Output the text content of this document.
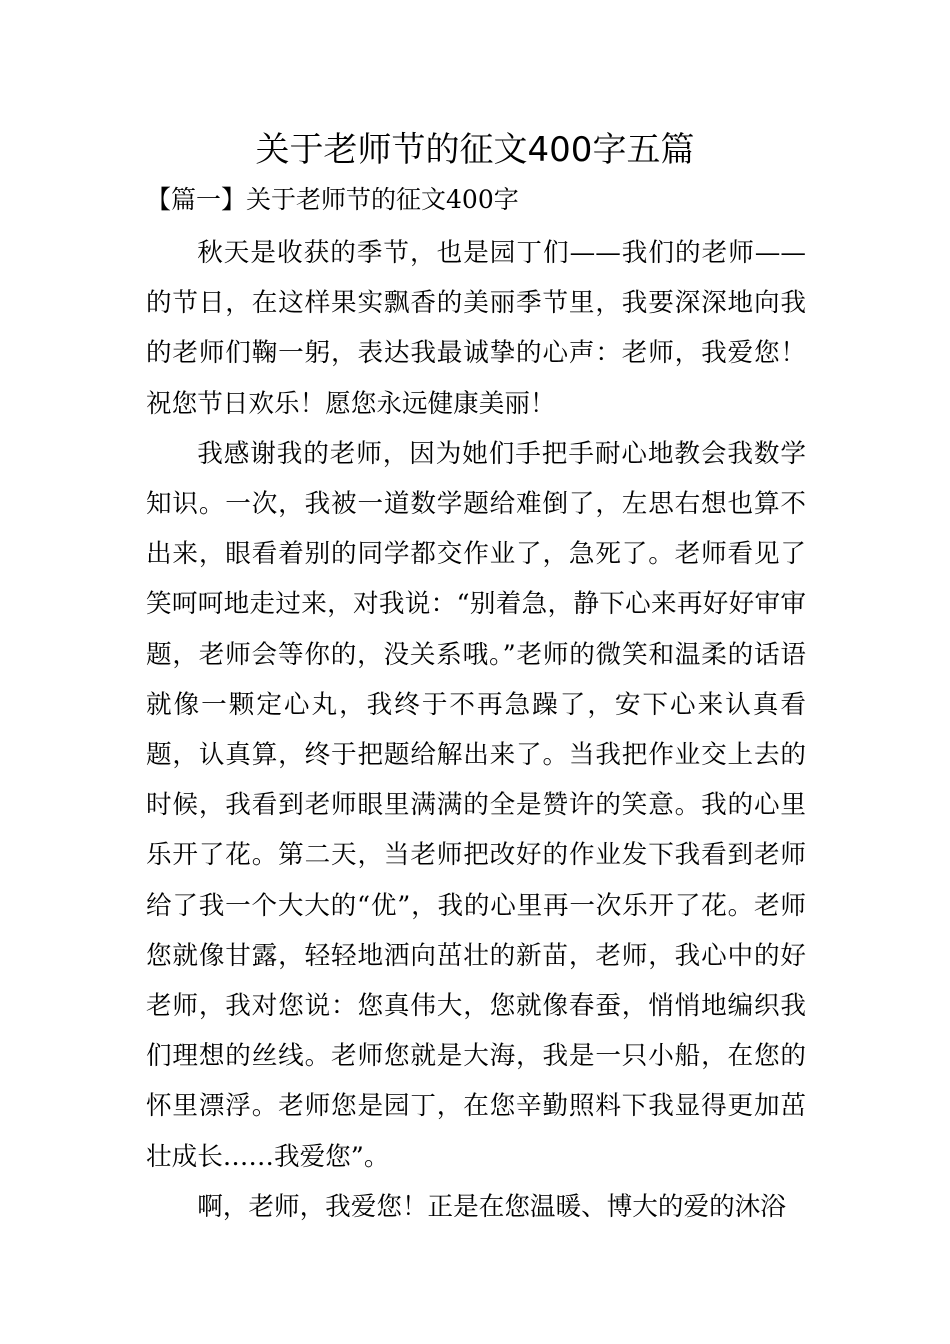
关于老师节的征文400字五篇
【篇一】关于老师节的征文400字

秋天是收获的季节，也是园丁们——我们的老师——的节日，在这样果实飘香的美丽季节里，我要深深地向我的老师们鞠一躬，表达我最诚挚的心声：老师，我爱您！祝您节日欢乐！愿您永远健康美丽！

我感谢我的老师，因为她们手把手耐心地教会我数学知识。一次，我被一道数学题给难倒了，左思右想也算不出来，眼看着别的同学都交作业了，急死了。老师看见了笑呵呵地走过来，对我说：“别着急，静下心来再好好审审题，老师会等你的，没关系哦。”老师的微笑和温柔的话语就像一颗定心丸，我终于不再急躁了，安下心来认真看题，认真算，终于把题给解出来了。当我把作业交上去的时候，我看到老师眼里满满的全是赞许的笑意。我的心里乐开了花。第二天，当老师把改好的作业发下我看到老师给了我一个大大的“优”，我的心里再一次乐开了花。老师您就像甘露，轻轻地洒向茁壮的新苗，老师，我心中的好老师，我对您说：您真伟大，您就像春蚕，悄悄地编织我们理想的丝线。老师您就是大海，我是一只小船，在您的怀里漂浮。老师您是园丁，在您辛勤照料下我显得更加茁壮成长……我爱您”。

啊，老师，我爱您！正是在您温暖、博大的爱的沐浴
